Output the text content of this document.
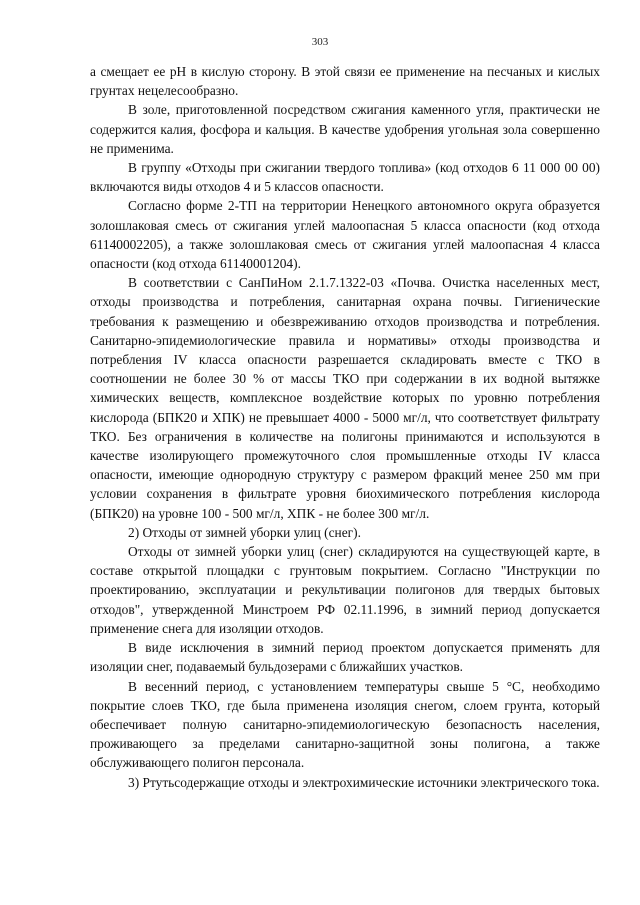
303

а смещает ее pH в кислую сторону. В этой связи ее применение на песчаных и кислых грунтах нецелесообразно.

В золе, приготовленной посредством сжигания каменного угля, практически не содержится калия, фосфора и кальция. В качестве удобрения угольная зола совершенно не применима.

В группу «Отходы при сжигании твердого топлива» (код отходов 6 11 000 00 00) включаются виды отходов 4 и 5 классов опасности.

Согласно форме 2-ТП на территории Ненецкого автономного округа образуется золошлаковая смесь от сжигания углей малоопасная 5 класса опасности (код отхода 61140002205), а также золошлаковая смесь от сжигания углей малоопасная 4 класса опасности (код отхода 61140001204).

В соответствии с СанПиНом 2.1.7.1322-03 «Почва. Очистка населенных мест, отходы производства и потребления, санитарная охрана почвы. Гигиенические требования к размещению и обезвреживанию отходов производства и потребления. Санитарно-эпидемиологические правила и нормативы» отходы производства и потребления IV класса опасности разрешается складировать вместе с ТКО в соотношении не более 30 % от массы ТКО при содержании в их водной вытяжке химических веществ, комплексное воздействие которых по уровню потребления кислорода (БПК20 и ХПК) не превышает 4000 - 5000 мг/л, что соответствует фильтрату ТКО. Без ограничения в количестве на полигоны принимаются и используются в качестве изолирующего промежуточного слоя промышленные отходы IV класса опасности, имеющие однородную структуру с размером фракций менее 250 мм при условии сохранения в фильтрате уровня биохимического потребления кислорода (БПК20) на уровне 100 - 500 мг/л, ХПК - не более 300 мг/л.

2) Отходы от зимней уборки улиц (снег).

Отходы от зимней уборки улиц (снег) складируются на существующей карте, в составе открытой площадки с грунтовым покрытием. Согласно "Инструкции по проектированию, эксплуатации и рекультивации полигонов для твердых бытовых отходов", утвержденной Минстроем РФ 02.11.1996, в зимний период допускается применение снега для изоляции отходов.

В виде исключения в зимний период проектом допускается применять для изоляции снег, подаваемый бульдозерами с ближайших участков.

В весенний период, с установлением температуры свыше 5 °С, необходимо покрытие слоев ТКО, где была применена изоляция снегом, слоем грунта, который обеспечивает полную санитарно-эпидемиологическую безопасность населения, проживающего за пределами санитарно-защитной зоны полигона, а также обслуживающего полигон персонала.

3) Ртутьсодержащие отходы и электрохимические источники электрического тока.
